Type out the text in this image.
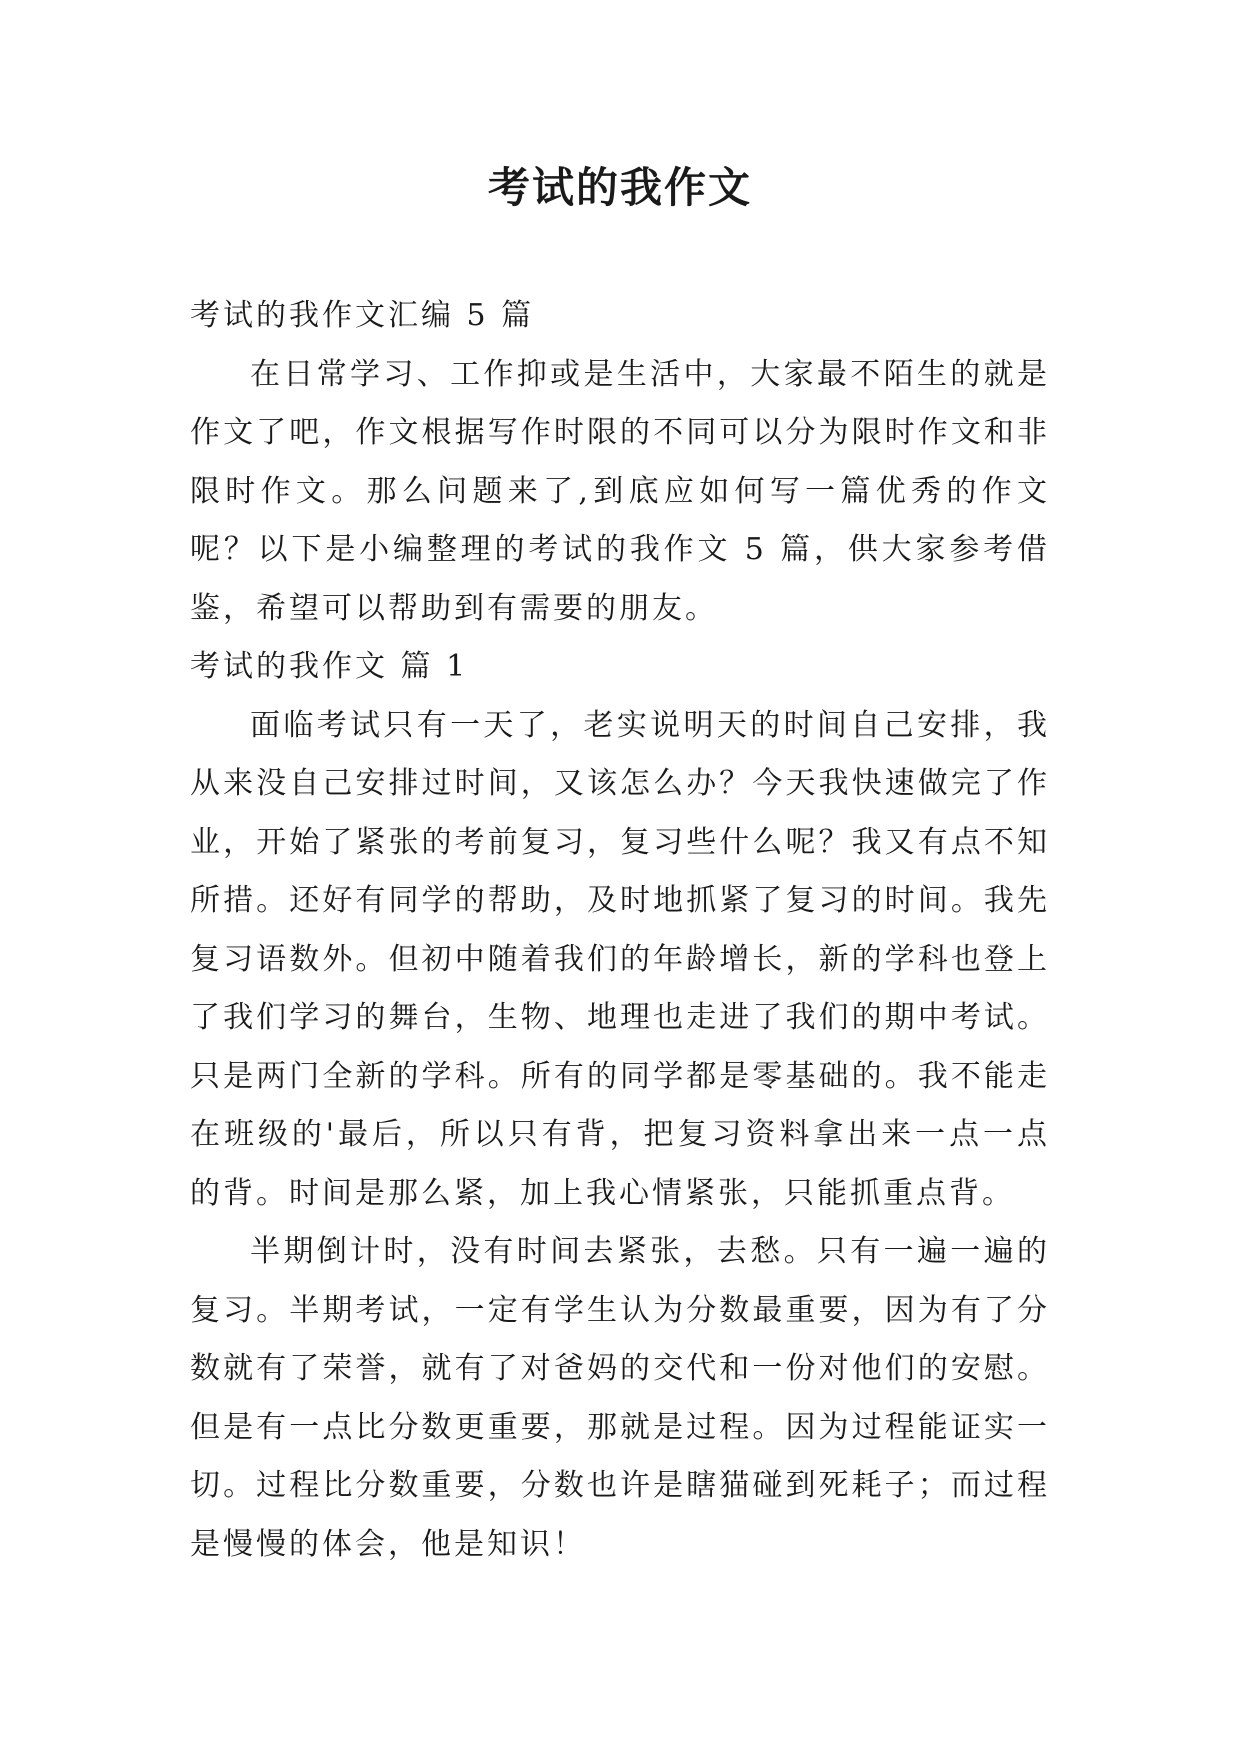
考试的我作文

考试的我作文汇编 5 篇

在日常学习、工作抑或是生活中，大家最不陌生的就是作文了吧，作文根据写作时限的不同可以分为限时作文和非限时作文。那么问题来了,到底应如何写一篇优秀的作文呢？以下是小编整理的考试的我作文 5 篇，供大家参考借鉴，希望可以帮助到有需要的朋友。

考试的我作文 篇 1

面临考试只有一天了，老实说明天的时间自己安排，我从来没自己安排过时间，又该怎么办？今天我快速做完了作业，开始了紧张的考前复习，复习些什么呢？我又有点不知所措。还好有同学的帮助，及时地抓紧了复习的时间。我先复习语数外。但初中随着我们的年龄增长，新的学科也登上了我们学习的舞台，生物、地理也走进了我们的期中考试。只是两门全新的学科。所有的同学都是零基础的。我不能走在班级的'最后，所以只有背，把复习资料拿出来一点一点的背。时间是那么紧，加上我心情紧张，只能抓重点背。

半期倒计时，没有时间去紧张，去愁。只有一遍一遍的复习。半期考试，一定有学生认为分数最重要，因为有了分数就有了荣誉，就有了对爸妈的交代和一份对他们的安慰。但是有一点比分数更重要，那就是过程。因为过程能证实一切。过程比分数重要，分数也许是瞎猫碰到死耗子；而过程是慢慢的体会，他是知识！
